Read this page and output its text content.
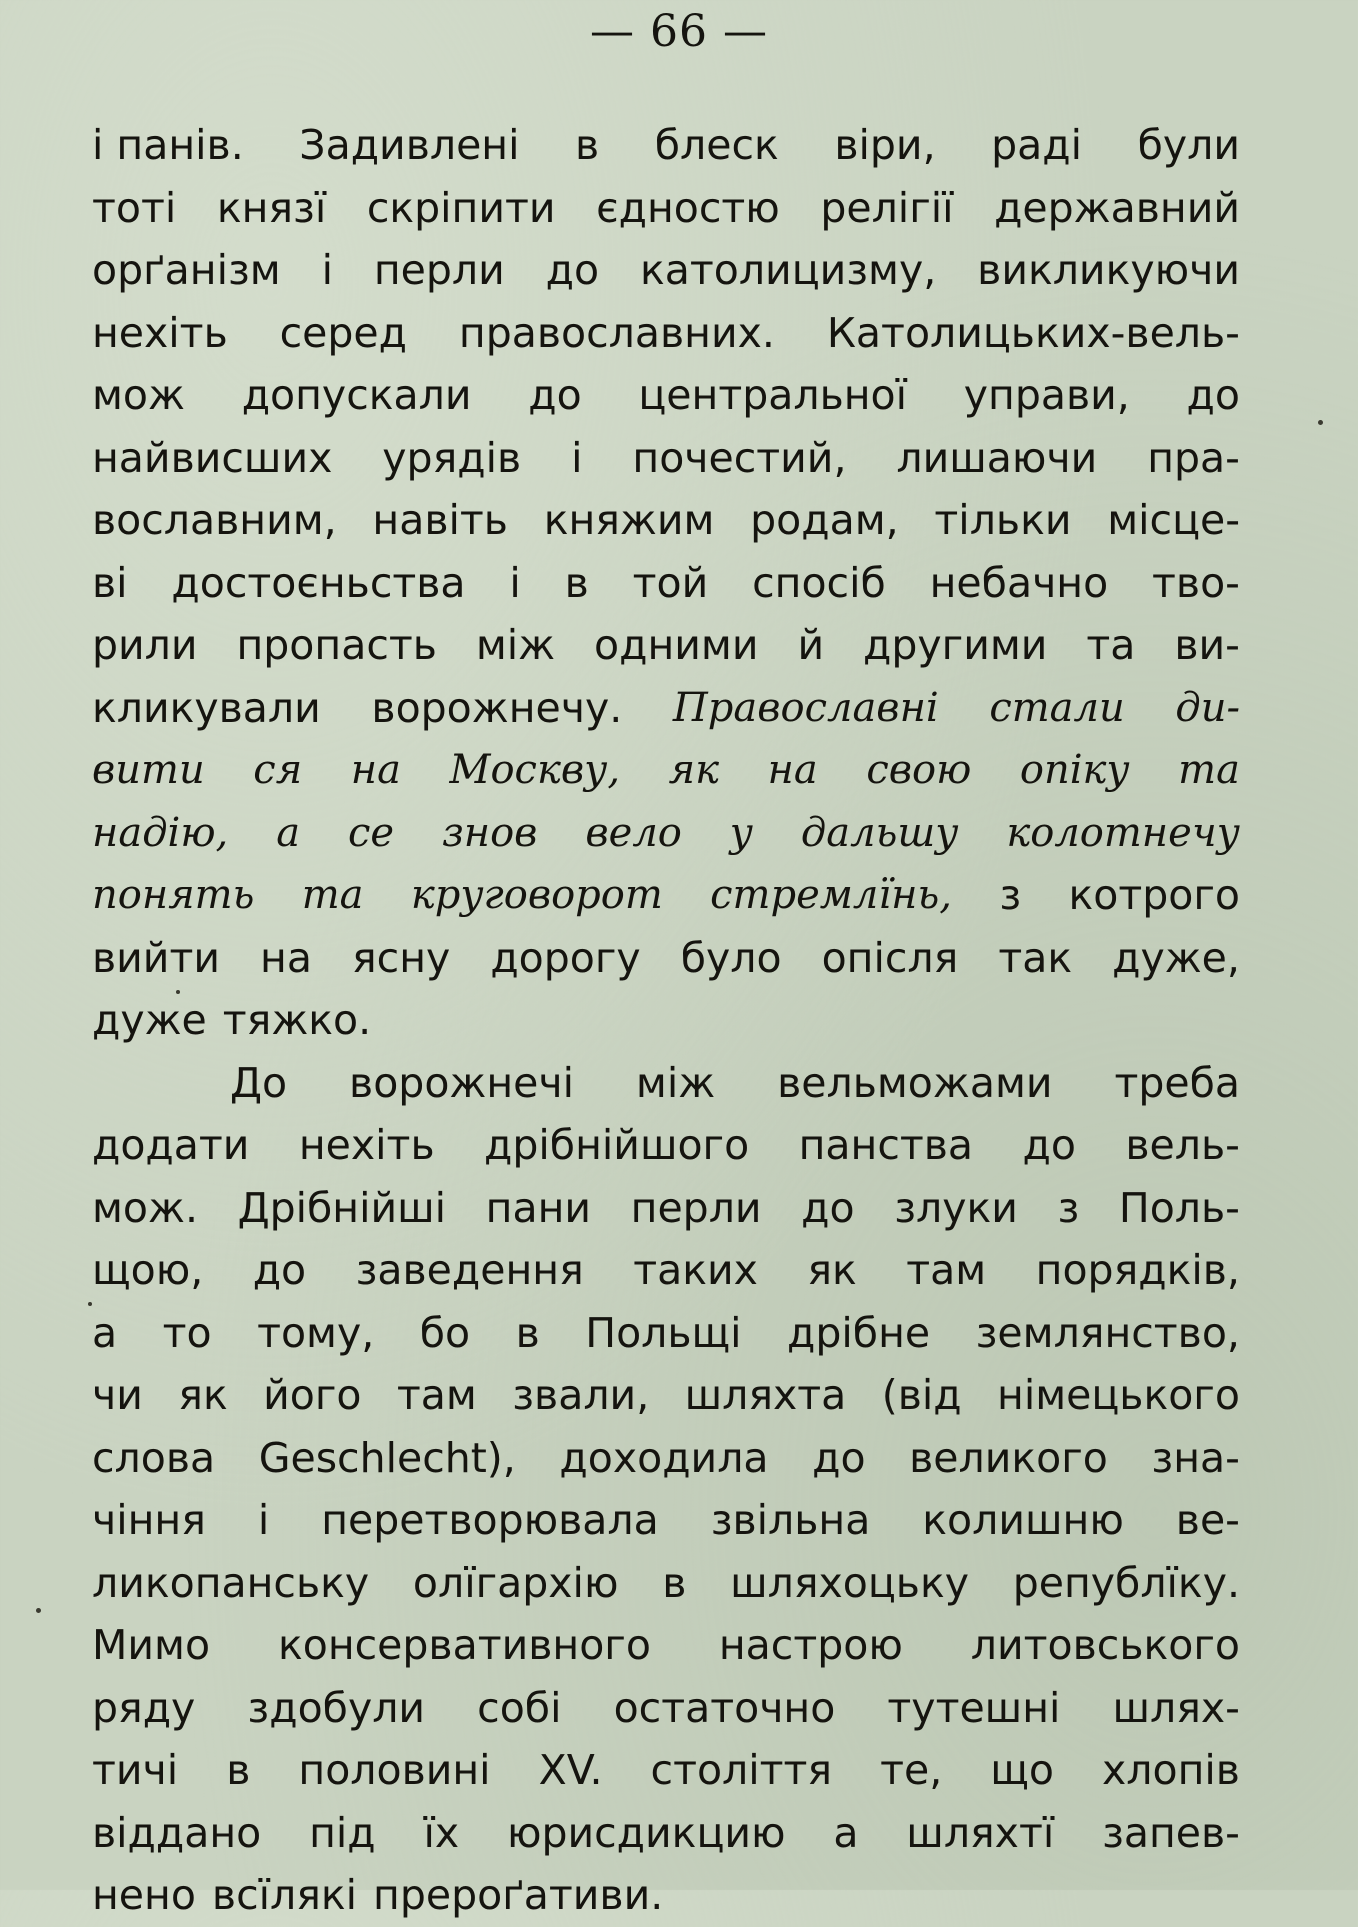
— 66 —
і панів. Задивлені в блеск віри, раді були
тоті князї скріпити єдностю релігії державний
орґанізм і перли до католицизму, викликуючи
нехіть серед православних. Католицьких-вель-
мож допускали до центральної управи, до
найвисших урядів і почестий, лишаючи пра-
вославним, навіть княжим родам, тільки місце-
ві достоєньства і в той спосіб небачно тво-
рили пропасть між одними й другими та ви-
кликували ворожнечу. Православні стали ди-
вити ся на Москву, як на свою опіку та
надію, а се знов вело у дальшу колотнечу
понять та круговорот стремлїнь, з котрого
вийти на ясну дорогу було опісля так дуже,
дуже тяжко.
До ворожнечі між вельможами треба
додати нехіть дрібнійшого панства до вель-
мож. Дрібнійші пани перли до злуки з Поль-
щою, до заведення таких як там порядків,
а то тому, бо в Польщі дрібне землянство,
чи як його там звали, шляхта (від німецького
слова Geschlecht), доходила до великого зна-
чіння і перетворювала звільна колишню ве-
ликопанську олїгархію в шляхоцьку републїку.
Мимо консервативного настрою литовського
ряду здобули собі остаточно тутешні шлях-
тичі в половині XV. століття те, що хлопів
віддано під їх юрисдикцию а шляхтї запев-
нено всїлякі прероґативи.
